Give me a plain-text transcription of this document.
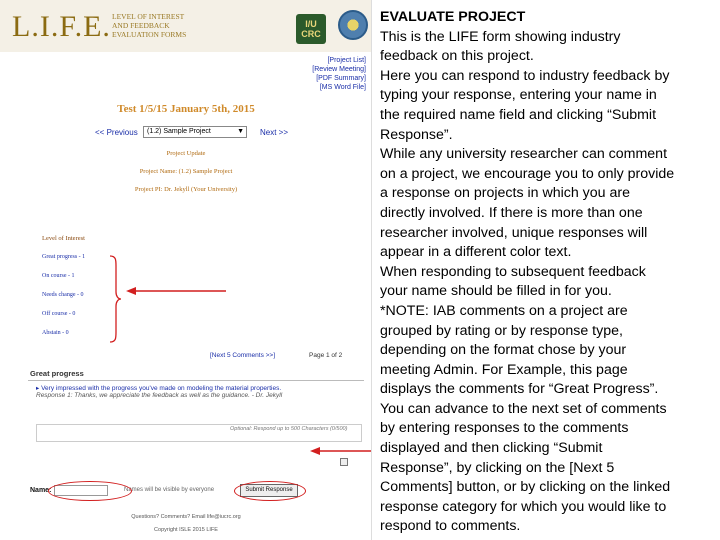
L.I.F.E. LEVEL OF INTEREST
AND FEEDBACK
EVALUATION FORMS
I/U CRC
[Project List]
[Review Meeting]
[PDF Summary]
[MS Word File]
Test 1/5/15 January 5th, 2015
<< Previous	(1.2) Sample Project	▼ Next >>
Project Update
Project Name: (1.2) Sample Project
Project PI: Dr. Jekyll (Your University)
Level of Interest
Great progress - 1
On course - 1
Needs change - 0
Off course - 0
Abstain - 0
[Next 5 Comments >>]	Page 1 of 2
Great progress
▸ Very impressed with the progress you've made on modeling the material properties.
Response 1: Thanks, we appreciate the feedback as well as the guidance. - Dr. Jekyll
Optional: Respond up to 500 Characters (0/500)
Name:	Names will be visible by everyone	Submit Response
Questions? Comments? Email life@iucrc.org
Copyright ISLE 2015 LIFE
EVALUATE PROJECT
This is the LIFE form showing industry
feedback on this project.
Here you can respond to industry feedback by
typing your response, entering your name in
the required name field and clicking “Submit
Response”.
While any university researcher can comment
on a project, we encourage you to only provide
a response on projects in which you are
directly involved. If there is more than one
researcher involved, unique responses will
appear in a different color text.
When responding to subsequent feedback
your name should be filled in for you.
*NOTE: IAB comments on a project are
grouped by rating or by response type,
depending on the format chose by your
meeting Admin. For Example, this page
displays the comments for “Great Progress”.
You can advance to the next set of comments
by entering responses to the comments
displayed and then clicking “Submit
Response”, by clicking on the [Next 5
Comments] button, or by clicking on the linked
response category for which you would like to
respond to comments.
